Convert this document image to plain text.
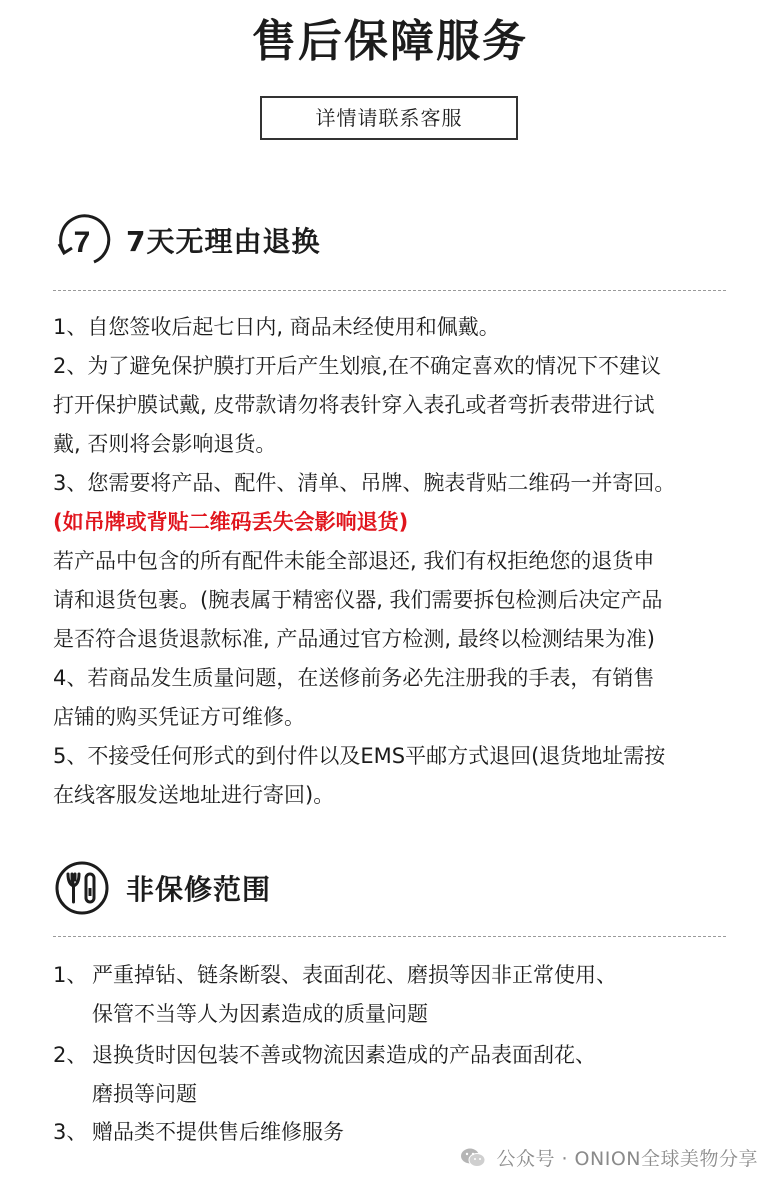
售后保障服务
详情请联系客服
7 7天无理由退换
1、自您签收后起七日内, 商品未经使用和佩戴。
2、为了避免保护膜打开后产生划痕,在不确定喜欢的情况下不建议
打开保护膜试戴, 皮带款请勿将表针穿入表孔或者弯折表带进行试
戴, 否则将会影响退货。
3、您需要将产品、配件、清单、吊牌、腕表背贴二维码一并寄回。
(如吊牌或背贴二维码丢失会影响退货)
若产品中包含的所有配件未能全部退还, 我们有权拒绝您的退货申
请和退货包裹。(腕表属于精密仪器, 我们需要拆包检测后决定产品
是否符合退货退款标准, 产品通过官方检测, 最终以检测结果为准)
4、若商品发生质量问题，在送修前务必先注册我的手表，有销售
店铺的购买凭证方可维修。
5、不接受任何形式的到付件以及EMS平邮方式退回(退货地址需按
在线客服发送地址进行寄回)。
非保修范围
1、 严重掉钻、链条断裂、表面刮花、磨损等因非正常使用、
保管不当等人为因素造成的质量问题
2、 退换货时因包装不善或物流因素造成的产品表面刮花、
磨损等问题
3、 赠品类不提供售后维修服务
公众号 · ONION全球美物分享
